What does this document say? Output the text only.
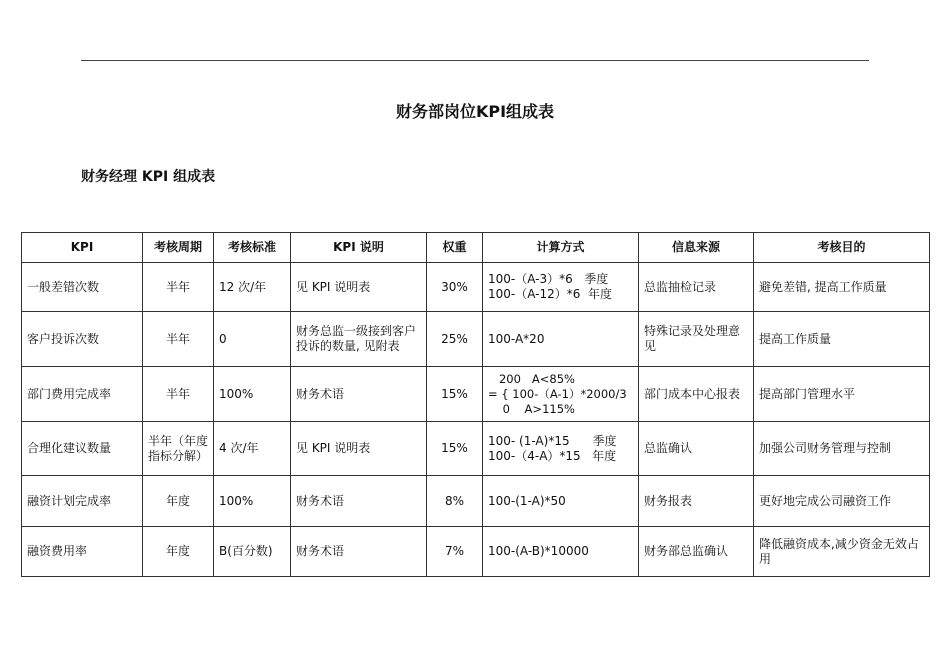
财务部岗位KPI组成表
财务经理 KPI 组成表
KPI	考核周期	考核标准	KPI 说明	权重	计算方式	信息来源	考核目的
一般差错次数	半年	12 次/年	见 KPI 说明表	30%	100-（A-3）*6   季度
100-（A-12）*6  年度	总监抽检记录	避免差错, 提高工作质量
客户投诉次数	半年	0	财务总监一级接到客户投诉的数量, 见附表	25%	100-A*20	特殊记录及处理意见	提高工作质量
部门费用完成率	半年	100%	财务术语	15%	200   A<85%
= { 100-（A-1）*2000/3
0    A>115%	部门成本中心报表	提高部门管理水平
合理化建议数量	半年（年度指标分解）	4 次/年	见 KPI 说明表	15%	100- (1-A)*15      季度
100-（4-A）*15   年度	总监确认	加强公司财务管理与控制
融资计划完成率	年度	100%	财务术语	8%	100-(1-A)*50	财务报表	更好地完成公司融资工作
融资费用率	年度	B(百分数)	财务术语	7%	100-(A-B)*10000	财务部总监确认	降低融资成本,减少资金无效占用
